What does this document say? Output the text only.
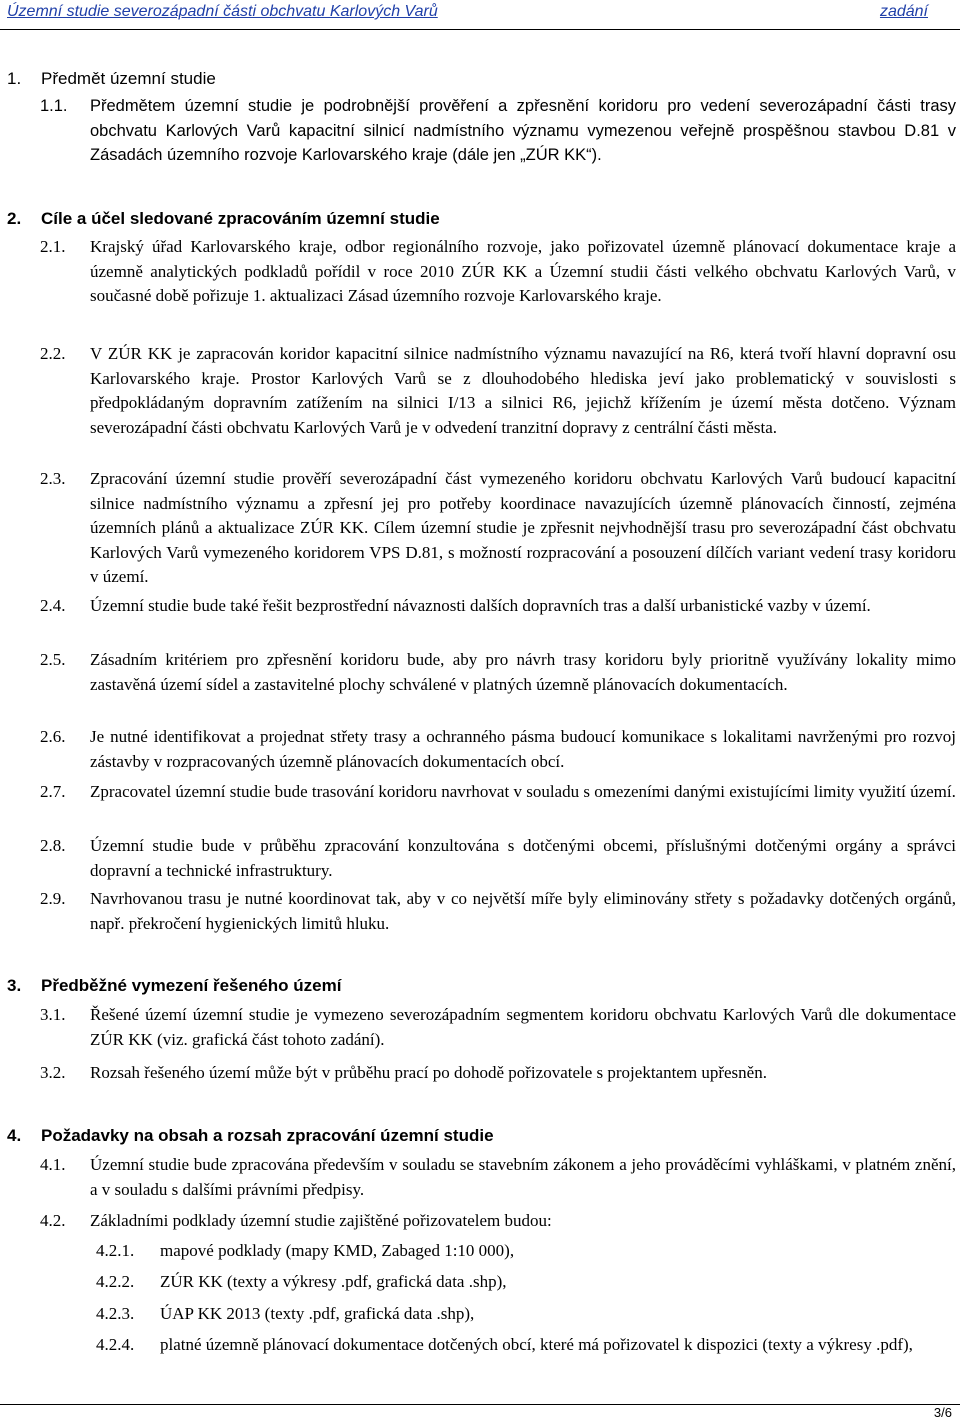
Územní studie severozápadní části obchvatu Karlových Varů	zadání
1. Předmět územní studie
1.1. Předmětem územní studie je podrobnější prověření a zpřesnění koridoru pro vedení severozápadní části trasy obchvatu Karlových Varů kapacitní silnicí nadmístního významu vymezenou veřejně prospěšnou stavbou D.81 v Zásadách územního rozvoje Karlovarského kraje (dále jen „ZÚR KK“).
2. Cíle a účel sledované zpracováním územní studie
2.1. Krajský úřad Karlovarského kraje, odbor regionálního rozvoje, jako pořizovatel územně plánovací dokumentace kraje a územně analytických podkladů pořídil v roce 2010 ZÚR KK a Územní studii části velkého obchvatu Karlových Varů, v současné době pořizuje 1. aktualizaci Zásad územního rozvoje Karlovarského kraje.
2.2. V ZÚR KK je zapracován koridor kapacitní silnice nadmístního významu navazující na R6, která tvoří hlavní dopravní osu Karlovarského kraje. Prostor Karlových Varů se z dlouhodobého hlediska jeví jako problematický v souvislosti s předpokládaným dopravním zatížením na silnici I/13 a silnici R6, jejichž křížením je území města dotčeno. Význam severozápadní části obchvatu Karlových Varů je v odvedení tranzitní dopravy z centrální části města.
2.3. Zpracování územní studie prověří severozápadní část vymezeného koridoru obchvatu Karlových Varů budoucí kapacitní silnice nadmístního významu a zpřesní jej pro potřeby koordinace navazujících územně plánovacích činností, zejména územních plánů a aktualizace ZÚR KK. Cílem územní studie je zpřesnit nejvhodnější trasu pro severozápadní část obchvatu Karlových Varů vymezeného koridorem VPS D.81, s možností rozpracování a posouzení dílčích variant vedení trasy koridoru v území.
2.4. Územní studie bude také řešit bezprostřední návaznosti dalších dopravních tras a další urbanistické vazby v území.
2.5. Zásadním kritériem pro zpřesnění koridoru bude, aby pro návrh trasy koridoru byly prioritně využívány lokality mimo zastavěná území sídel a zastavitelné plochy schválené v platných územně plánovacích dokumentacích.
2.6. Je nutné identifikovat a projednat střety trasy a ochranného pásma budoucí komunikace s lokalitami navrženými pro rozvoj zástavby v rozpracovaných územně plánovacích dokumentacích obcí.
2.7. Zpracovatel územní studie bude trasování koridoru navrhovat v souladu s omezeními danými existujícími limity využití území.
2.8. Územní studie bude v průběhu zpracování konzultována s dotčenými obcemi, příslušnými dotčenými orgány a správci dopravní a technické infrastruktury.
2.9. Navrhovanou trasu je nutné koordinovat tak, aby v co největší míře byly eliminovány střety s požadavky dotčených orgánů, např. překročení hygienických limitů hluku.
3. Předběžné vymezení řešeného území
3.1. Řešené území územní studie je vymezeno severozápadním segmentem koridoru obchvatu Karlových Varů dle dokumentace ZÚR KK (viz. grafická část tohoto zadání).
3.2. Rozsah řešeného území může být v průběhu prací po dohodě pořizovatele s projektantem upřesněn.
4. Požadavky na obsah a rozsah zpracování územní studie
4.1. Územní studie bude zpracována především v souladu se stavebním zákonem a jeho prováděcími vyhláškami, v platném znění, a v souladu s dalšími právními předpisy.
4.2. Základními podklady územní studie zajištěné pořizovatelem budou:
4.2.1. mapové podklady (mapy KMD, Zabaged 1:10 000),
4.2.2. ZÚR KK (texty a výkresy .pdf, grafická data .shp),
4.2.3. ÚAP KK 2013 (texty .pdf, grafická data .shp),
4.2.4. platné územně plánovací dokumentace dotčených obcí, které má pořizovatel k dispozici (texty a výkresy .pdf),
3/6
